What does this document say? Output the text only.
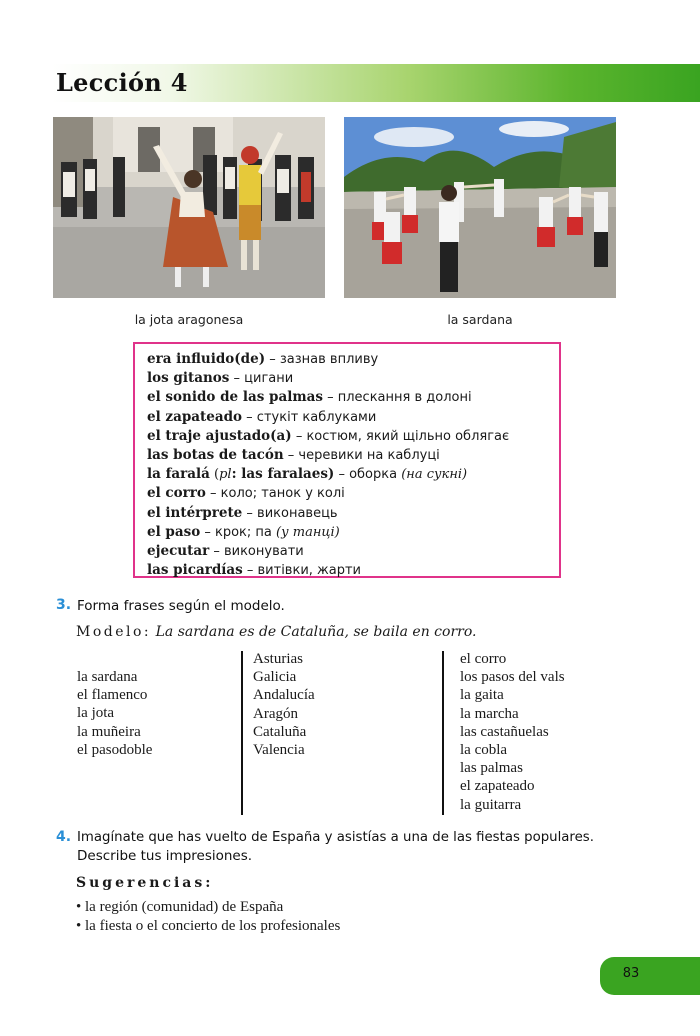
Lección 4
la jota aragonesa	la sardana
era influido(de) – зазнав впливу
los gitanos – цигани
el sonido de las palmas – плескання в долоні
el zapateado – стукіт каблуками
el traje ajustado(a) – костюм, який щільно облягає
las botas de tacón – черевики на каблуці
la faralá (pl: las faralaes) – оборка (на сукні)
el corro – коло; танок у колі
el intérprete – виконавець
el paso – крок; па (у танці)
ejecutar – виконувати
las picardías – витівки, жарти
3. Forma frases según el modelo.
Modelo: La sardana es de Cataluña, se baila en corro.
la sardana
el flamenco
la jota
la muñeira
el pasodoble
Asturias
Galicia
Andalucía
Aragón
Cataluña
Valencia
el corro
los pasos del vals
la gaita
la marcha
las castañuelas
la cobla
las palmas
el zapateado
la guitarra
4. Imagínate que has vuelto de España y asistías a una de las fiestas populares.
Describe tus impresiones.
Sugerencias:
• la región (comunidad) de España
• la fiesta o el concierto de los profesionales
83
